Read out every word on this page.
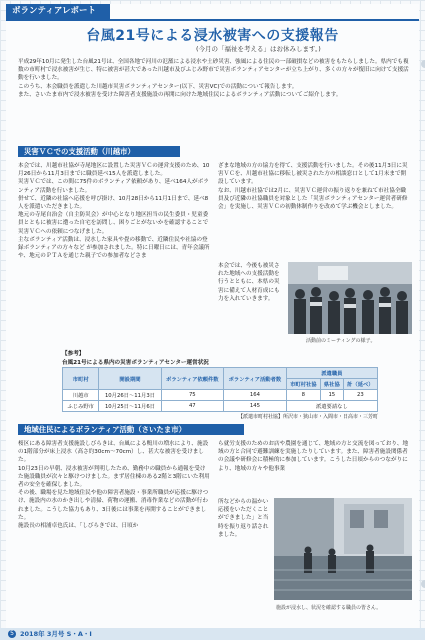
ボランティアレポート
台風21号による浸水被害への支援報告
(今月の「福祉を考える」はお休みします。)

平成29年10月に発生した台風21号は、全国各地で河川の氾濫による浸水や土砂災害、強風による住民の一部破損などの被害をもたらしました。県内でも複数の市町村で浸水被害が生じ、特に被害が甚大であった川越市及びふじみ野市で災害ボランティアセンターが立ち上がり、多くの方々が復旧に向けて支援活動を行いました。

このうち、本会職員を派遣した川越市災害ボランティアセンター(以下、災害VC)での活動について報告します。

また、さいたま市内で浸水被害を受けた障害者支援施設の再開に向けた地域住民によるボランティア活動についてご紹介します。

災害ＶＣでの支援活動（川越市）

本会では、川越市社協が寺尾地区に設置した災害ＶＣの運営支援のため、10月26日から11月3日までに職員延べ15人を派遣しました。

災害ＶＣでは、この間に75件のボランティア依頼があり、延べ164人がボランティア活動を行いました。

併せて、近隣の社協へ応援を呼び掛け、10月28日から11月1日まで、延べ8人を派遣いただきました。

地元の寺尾自治会（自主防災会）が中心となり地区担当の民生委員・児童委員とともに被害に遭った自宅を訪問し、困りごとがないかを確認することで災害ＶＣへの依頼につなげました。

主なボランティア活動は、浸水した家具や畳の移動で、近隣住民や社協の登録ボランティアの方々など が参加されました。特に日曜日には、青年会議所や、地元のＰＴＡを通じた親子での参加者などさま

ざまな地域の方の協力を得て、支援活動を行いました。その後11月3日に災害ＶＣを、川越市社協に移転し被災された方の相談窓口として1月末まで開設しています。

なお、川越市社協では2月に、災害ＶＣ運営の振り返りを兼ねて市社協全職員及び近隣の社協職員を対象とした「災害ボランティアセンター運営者研修会」を実施し、災害ＶＣの初動体制作りを改めて学ぶ機会としました。

本会では、今後も被災された地域への支援活動を行うとともに、本県の災害に備えて人材育成にも力を入れていきます。

活動前のミーティングの様子。
【参考】
台風21号による県内の災害ボランティアセンター運営状況
市町村	開設期間	ボランティア依頼件数	ボランティア活動者数	派遣職員		
				市町村社協	県社協	計（延べ）
川越市	10月26日～11月3日	75	164	8	15	23
ふじみ野市	10月25日～11月6日	47	145	派遣要請なし		
【派遣市町村社協】所沢市・狭山市・入間市・日高市・三芳町
地域住民によるボランティア活動（さいたま市）

桜区にある障害者支援施設しびらきは、台風による鴨川の増水により、施設の1階部分が床上浸水（高さ約30cm～70cm）し、甚大な被害を受けました。

10月23日の早朝、浸水被害が判明したため、勤務中の職員から通報を受けた施設職員が次々と駆けつけました。まず居住棟のある2階と3階にいた利用者の安全を確保しました。

その後、職場を見た地域住民や他の障害者施設・事業所職員が応援に駆けつけ、施設内の水のかき出しや清掃、荷物の運搬、消毒作業などの活動が行われました。こうした協力もあり、3日後には事業を再開することができました。

施設長の相浦卓也氏は、「しびらきでは、日頃か

ら就労支援のためのお店や農園を通じて、地域の方と交流を図っており、地域の方と合同で避難訓練を実施したりしています。また、障害者施設関係者の会議や研修会に積極的に参加しています。こうした日頃からのつながりにより、地域の方々や他事業

所などからの温かい応援をいただくことができました」と当時を振り返り話されました。

施設が浸水し、状況を確認する職員の皆さん。
5 2018年 3月号 S・A・I
